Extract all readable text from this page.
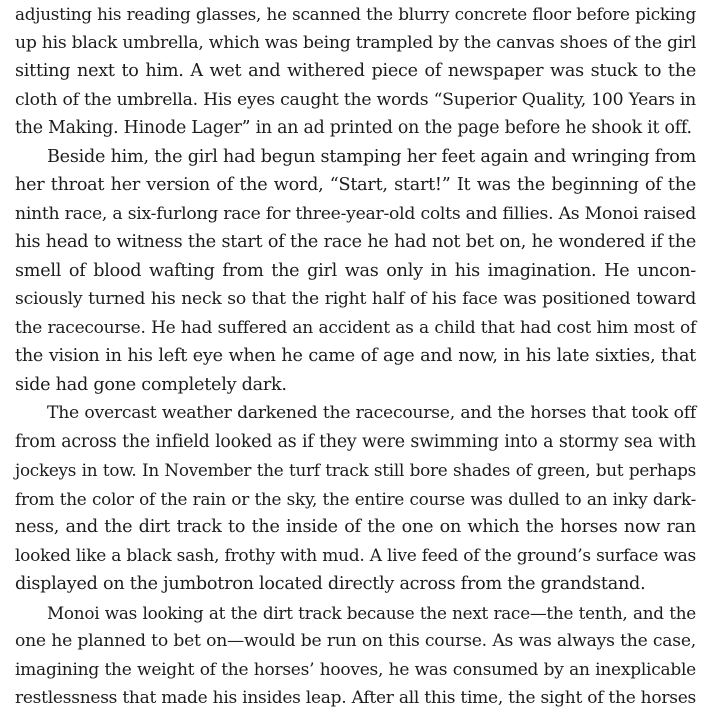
adjusting his reading glasses, he scanned the blurry concrete floor before picking
up his black umbrella, which was being trampled by the canvas shoes of the girl
sitting next to him. A wet and withered piece of newspaper was stuck to the
cloth of the umbrella. His eyes caught the words “Superior Quality, 100 Years in
the Making. Hinode Lager” in an ad printed on the page before he shook it off.
Beside him, the girl had begun stamping her feet again and wringing from
her throat her version of the word, “Start, start!” It was the beginning of the
ninth race, a six-furlong race for three-year-old colts and fillies. As Monoi raised
his head to witness the start of the race he had not bet on, he wondered if the
smell of blood wafting from the girl was only in his imagination. He uncon-
sciously turned his neck so that the right half of his face was positioned toward
the racecourse. He had suffered an accident as a child that had cost him most of
the vision in his left eye when he came of age and now, in his late sixties, that
side had gone completely dark.
The overcast weather darkened the racecourse, and the horses that took off
from across the infield looked as if they were swimming into a stormy sea with
jockeys in tow. In November the turf track still bore shades of green, but perhaps
from the color of the rain or the sky, the entire course was dulled to an inky dark-
ness, and the dirt track to the inside of the one on which the horses now ran
looked like a black sash, frothy with mud. A live feed of the ground’s surface was
displayed on the jumbotron located directly across from the grandstand.
Monoi was looking at the dirt track because the next race—the tenth, and the
one he planned to bet on—would be run on this course. As was always the case,
imagining the weight of the horses’ hooves, he was consumed by an inexplicable
restlessness that made his insides leap. After all this time, the sight of the horses
